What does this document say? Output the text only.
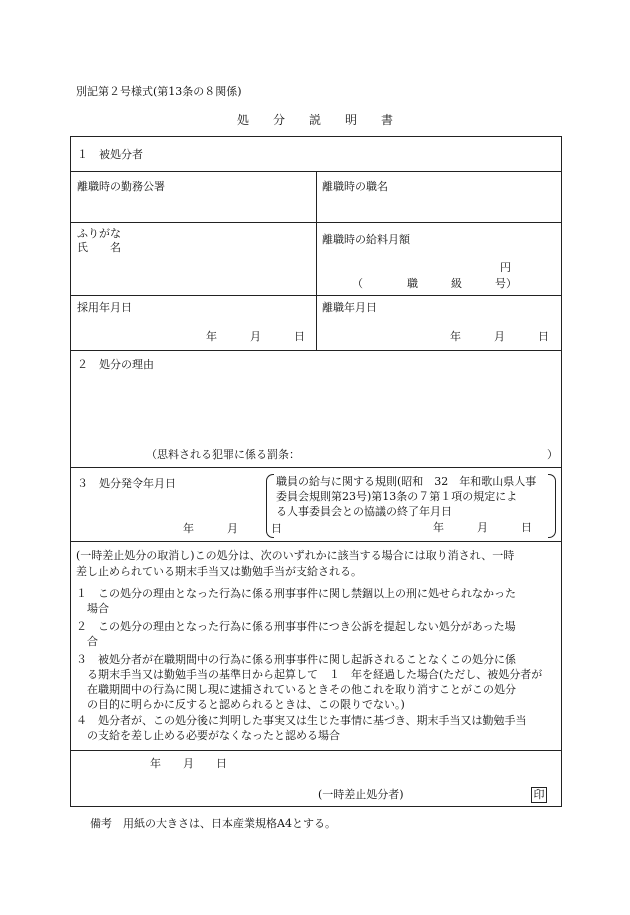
別記第２号様式(第13条の８関係)
処　　分　　説　　明　　書
１　被処分者
離職時の勤務公署	離職時の職名
ふりがな
氏　　名
離職時の給料月額
円
（　　　　職　　　級　　　号）
採用年月日
年　　　月　　　日
離職年月日
年　　　月　　　日
２　処分の理由
（思料される犯罪に係る罰条：	）
３　処分発令年月日
年　　　月　　　日
職員の給与に関する規則(昭和　32　年和歌山県人事
委員会規則第23号)第13条の７第１項の規定によ
る人事委員会との協議の終了年月日
年　　　月　　　日
(一時差止処分の取消し)この処分は、次のいずれかに該当する場合には取り消され、一時
差し止められている期末手当又は勤勉手当が支給される。
１　この処分の理由となった行為に係る刑事事件に関し禁錮以上の刑に処せられなかった
　場合
２　この処分の理由となった行為に係る刑事事件につき公訴を提起しない処分があった場
　合
３　被処分者が在職期間中の行為に係る刑事事件に関し起訴されることなくこの処分に係
　る期末手当又は勤勉手当の基準日から起算して　１　年を経過した場合(ただし、被処分者が
　在職期間中の行為に関し現に逮捕されているときその他これを取り消すことがこの処分
　の目的に明らかに反すると認められるときは、この限りでない。)
４　処分者が、この処分後に判明した事実又は生じた事情に基づき、期末手当又は勤勉手当
　の支給を差し止める必要がなくなったと認める場合
年　　月　　日
(一時差止処分者)	印
備考　用紙の大きさは、日本産業規格A4とする。
